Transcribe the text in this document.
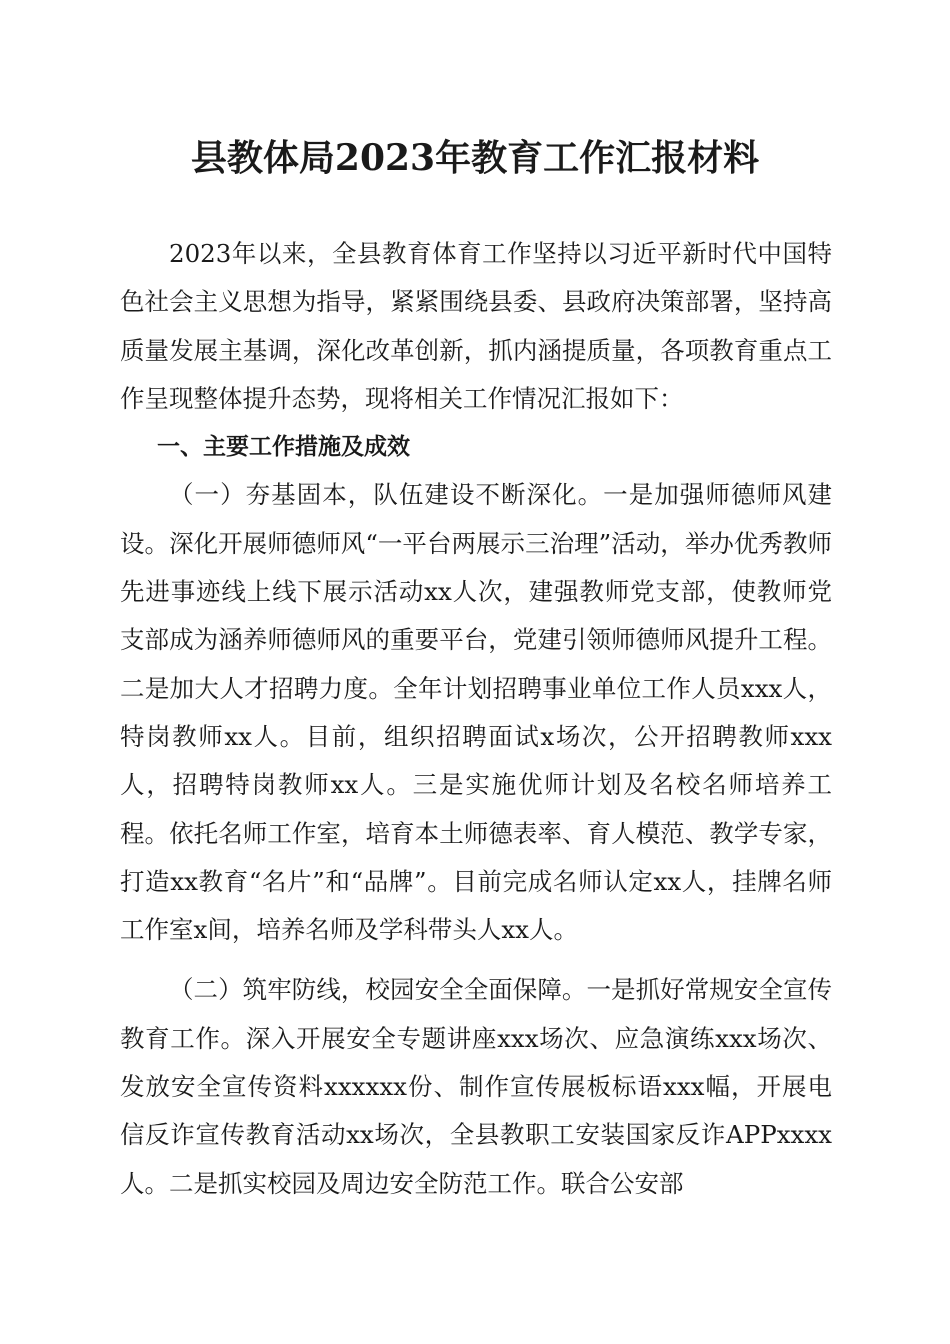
县教体局2023年教育工作汇报材料

2023年以来，全县教育体育工作坚持以习近平新时代中国特色社会主义思想为指导，紧紧围绕县委、县政府决策部署，坚持高质量发展主基调，深化改革创新，抓内涵提质量，各项教育重点工作呈现整体提升态势，现将相关工作情况汇报如下：

一、主要工作措施及成效

（一）夯基固本，队伍建设不断深化。一是加强师德师风建设。深化开展师德师风“一平台两展示三治理”活动，举办优秀教师先进事迹线上线下展示活动xx人次，建强教师党支部，使教师党支部成为涵养师德师风的重要平台，党建引领师德师风提升工程。二是加大人才招聘力度。全年计划招聘事业单位工作人员xxx人，特岗教师xx人。目前，组织招聘面试x场次，公开招聘教师xxx人，招聘特岗教师xx人。三是实施优师计划及名校名师培养工程。依托名师工作室，培育本土师德表率、育人模范、教学专家，打造xx教育“名片”和“品牌”。目前完成名师认定xx人，挂牌名师工作室x间，培养名师及学科带头人xx人。

（二）筑牢防线，校园安全全面保障。一是抓好常规安全宣传教育工作。深入开展安全专题讲座xxx场次、应急演练xxx场次、发放安全宣传资料xxxxxx份、制作宣传展板标语xxx幅，开展电信反诈宣传教育活动xx场次，全县教职工安装国家反诈APPxxxx人。二是抓实校园及周边安全防范工作。联合公安部
